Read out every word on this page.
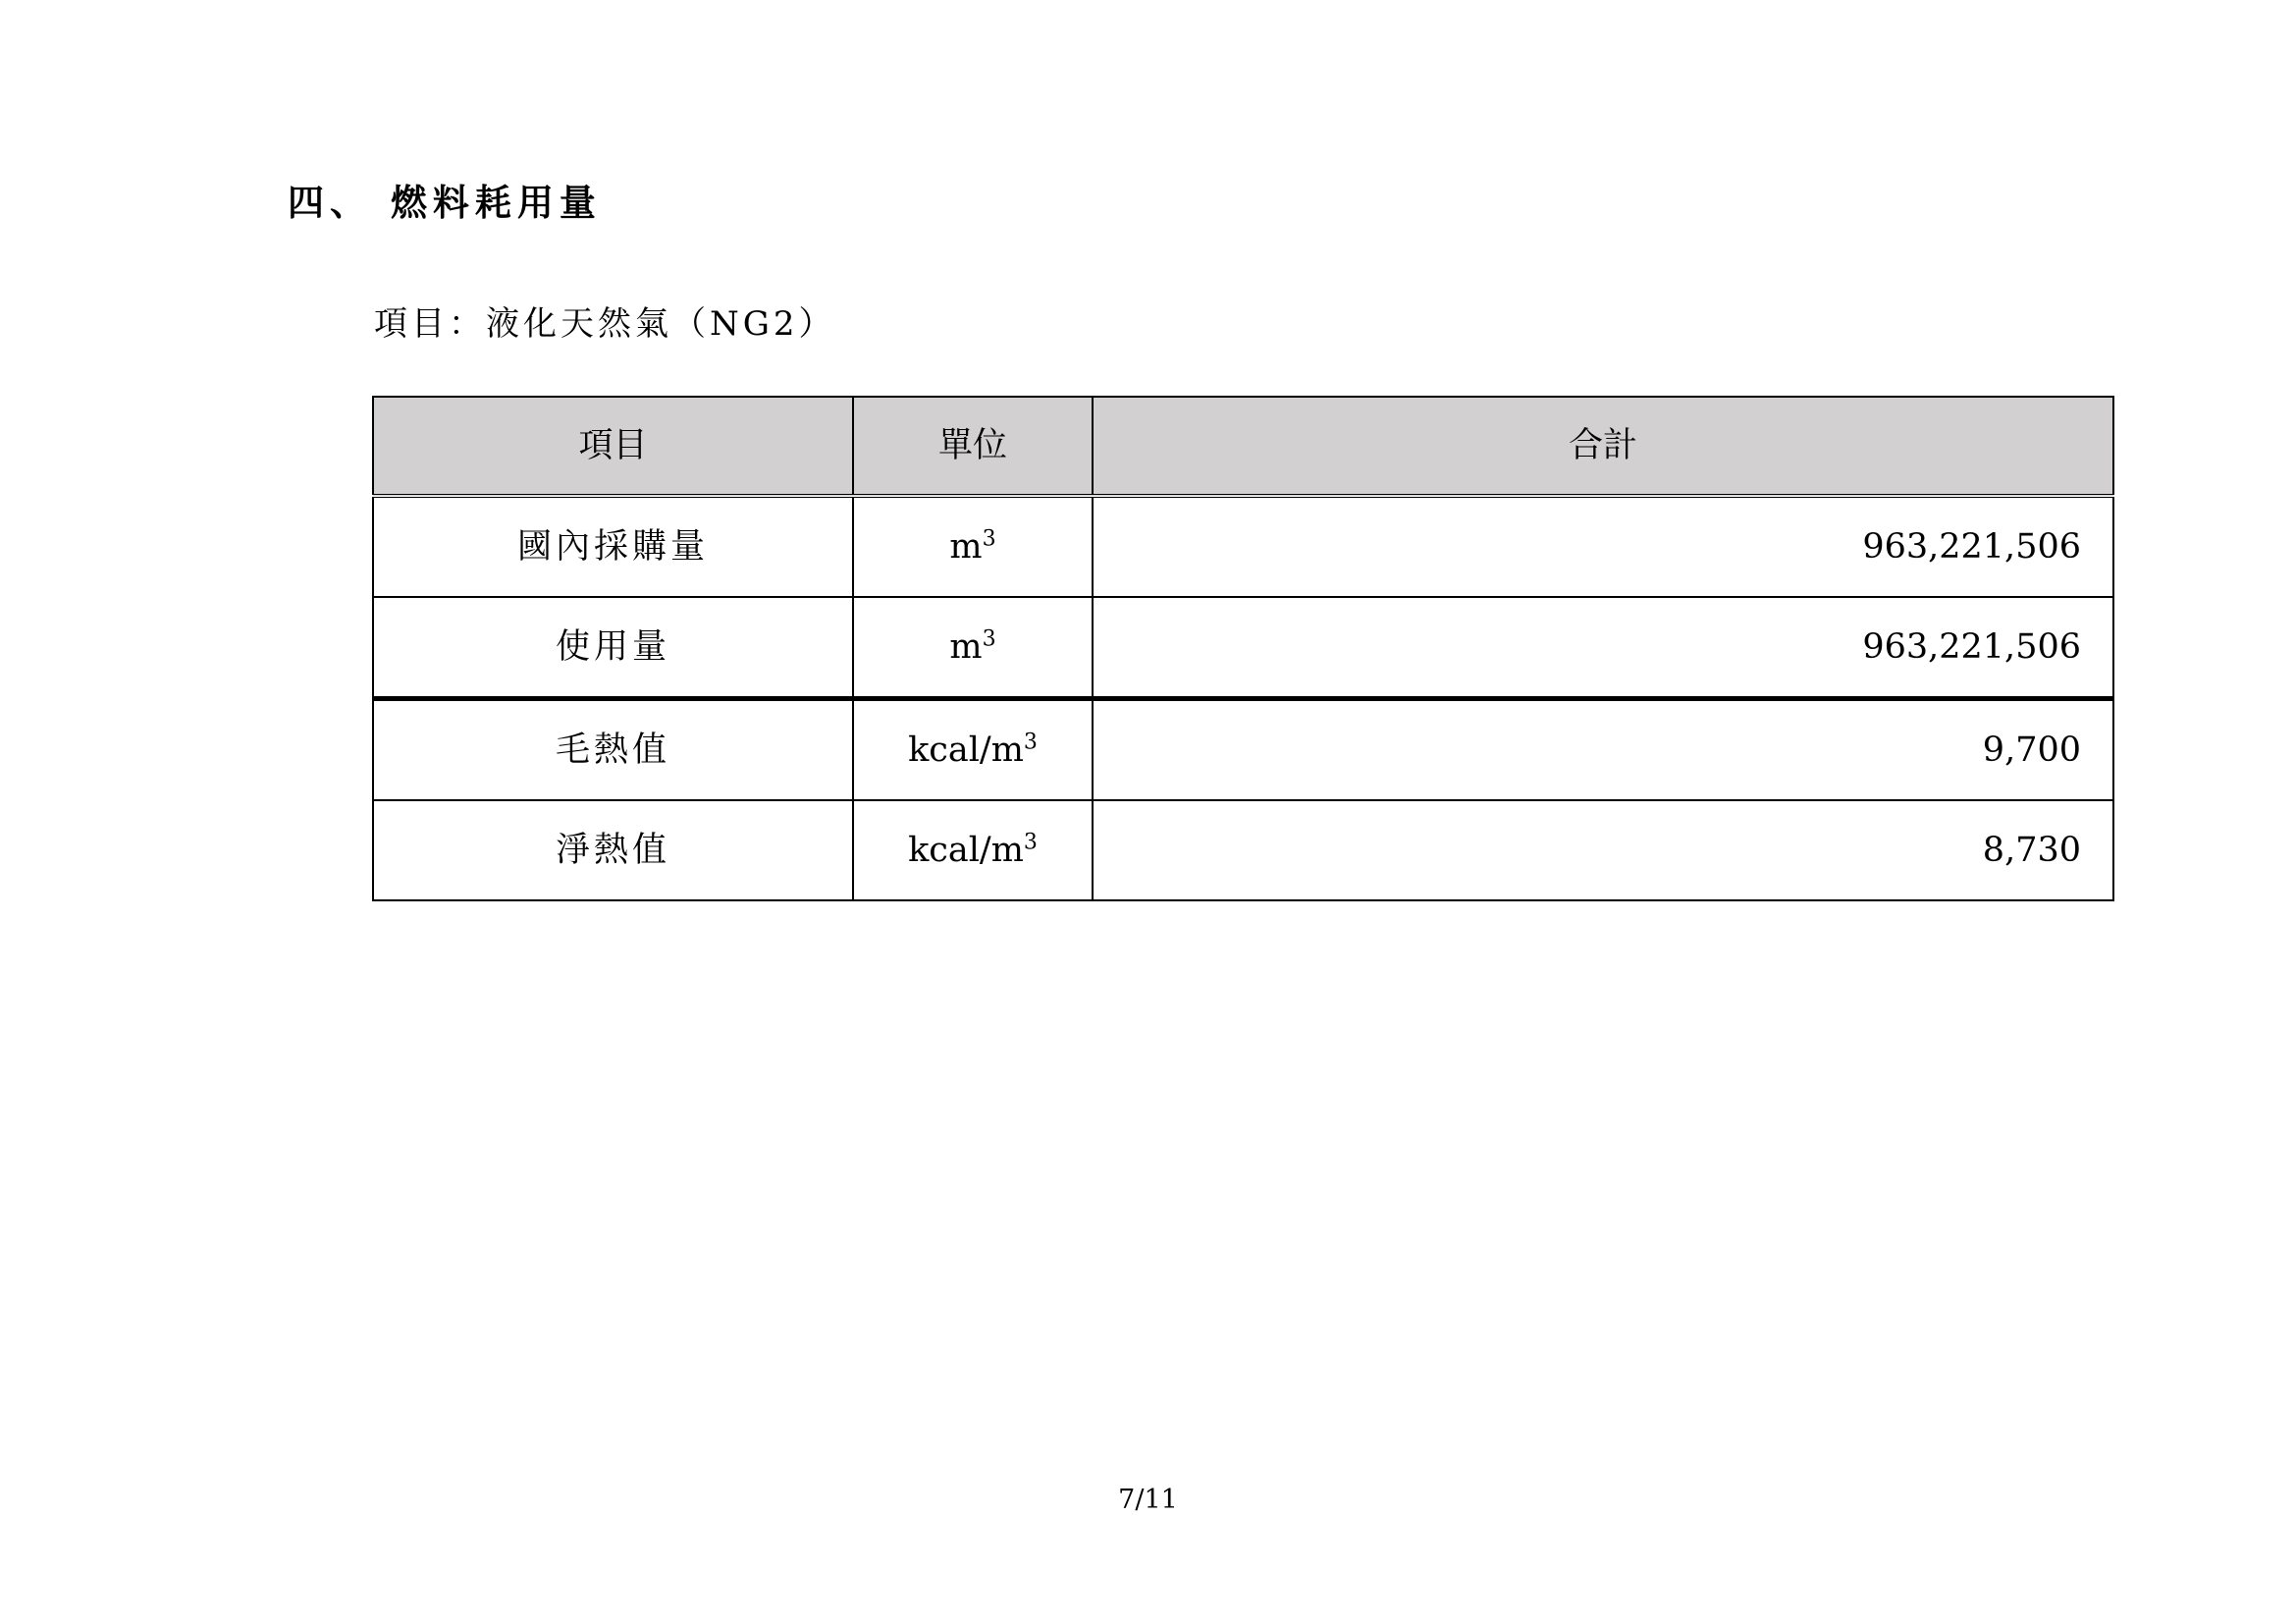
四、 燃料耗用量
項目：液化天然氣（NG2）
項目	單位	合計
國內採購量	$m^3$	963,221,506
使用量	$m^3$	963,221,506
毛熱值	kcal/$m^3$	9,700
淨熱值	kcal/$m^3$	8,730
7/11
